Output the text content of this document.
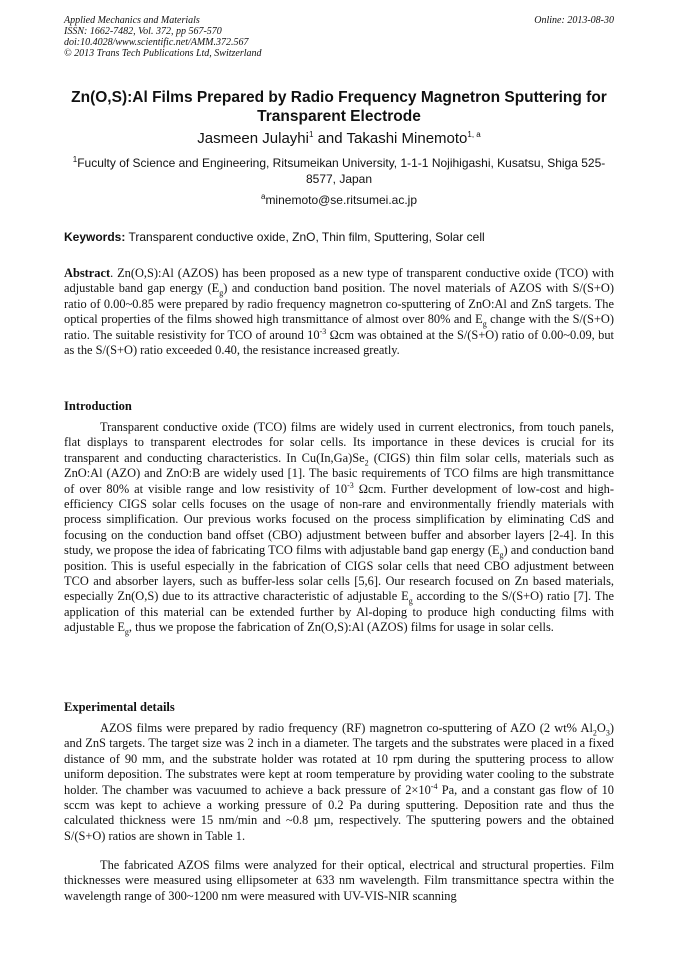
Applied Mechanics and Materials
ISSN: 1662-7482, Vol. 372, pp 567-570
doi:10.4028/www.scientific.net/AMM.372.567
© 2013 Trans Tech Publications Ltd, Switzerland
Online: 2013-08-30
Zn(O,S):Al Films Prepared by Radio Frequency Magnetron Sputtering for Transparent Electrode
Jasmeen Julayhi$^1$ and Takashi Minemoto$^{1, a}$
$^1$Fuculty of Science and Engineering, Ritsumeikan University, 1-1-1 Nojihigashi, Kusatsu, Shiga 525-8577, Japan
$^a$minemoto@se.ritsumei.ac.jp
Keywords: Transparent conductive oxide, ZnO, Thin film, Sputtering, Solar cell
Abstract. Zn(O,S):Al (AZOS) has been proposed as a new type of transparent conductive oxide (TCO) with adjustable band gap energy $(E_g)$ and conduction band position. The novel materials of AZOS with S/(S+O) ratio of 0.00~0.85 were prepared by radio frequency magnetron co-sputtering of ZnO:Al and ZnS targets. The optical properties of the films showed high transmittance of almost over 80% and $E_g$ change with the S/(S+O) ratio. The suitable resistivity for TCO of around $10^{-3}$ Ωcm was obtained at the S/(S+O) ratio of 0.00~0.09, but as the S/(S+O) ratio exceeded 0.40, the resistance increased greatly.
Introduction
Transparent conductive oxide (TCO) films are widely used in current electronics, from touch panels, flat displays to transparent electrodes for solar cells. Its importance in these devices is crucial for its transparent and conducting characteristics. In $Cu(In,Ga)Se_2$ (CIGS) thin film solar cells, materials such as ZnO:Al (AZO) and ZnO:B are widely used [1]. The basic requirements of TCO films are high transmittance of over 80% at visible range and low resistivity of $10^{-3}$ Ωcm. Further development of low-cost and high-efficiency CIGS solar cells focuses on the usage of non-rare and environmentally friendly materials with process simplification. Our previous works focused on the process simplification by eliminating CdS and focusing on the conduction band offset (CBO) adjustment between buffer and absorber layers [2-4]. In this study, we propose the idea of fabricating TCO films with adjustable band gap energy $(E_g)$ and conduction band position. This is useful especially in the fabrication of CIGS solar cells that need CBO adjustment between TCO and absorber layers, such as buffer-less solar cells [5,6]. Our research focused on Zn based materials, especially Zn(O,S) due to its attractive characteristic of adjustable $E_g$ according to the S/(S+O) ratio [7]. The application of this material can be extended further by Al-doping to produce high conducting films with adjustable $E_g$, thus we propose the fabrication of Zn(O,S):Al (AZOS) films for usage in solar cells.
Experimental details
AZOS films were prepared by radio frequency (RF) magnetron co-sputtering of AZO (2 wt% $Al_2O_3$) and ZnS targets. The target size was 2 inch in a diameter. The targets and the substrates were placed in a fixed distance of 90 mm, and the substrate holder was rotated at 10 rpm during the sputtering process to allow uniform deposition. The substrates were kept at room temperature by providing water cooling to the substrate holder. The chamber was vacuumed to achieve a back pressure of $2\times 10^{-4}$ Pa, and a constant gas flow of 10 sccm was kept to achieve a working pressure of 0.2 Pa during sputtering. Deposition rate and thus the calculated thickness were 15 nm/min and ~0.8 µm, respectively. The sputtering powers and the obtained S/(S+O) ratios are shown in Table 1.
The fabricated AZOS films were analyzed for their optical, electrical and structural properties. Film thicknesses were measured using ellipsometer at 633 nm wavelength. Film transmittance spectra within the wavelength range of 300~1200 nm were measured with UV-VIS-NIR scanning
